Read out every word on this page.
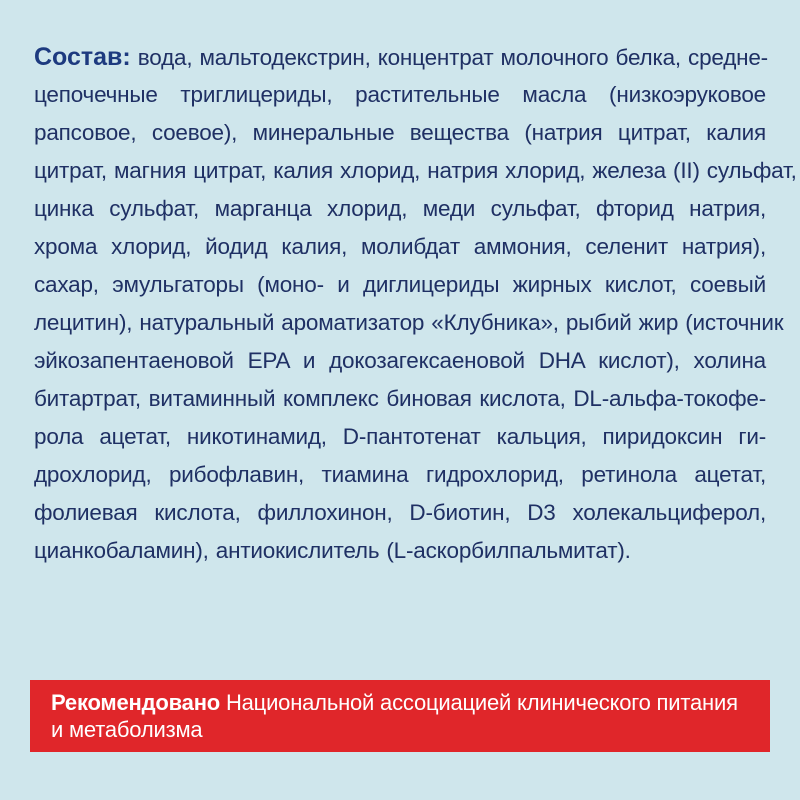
Состав: вода, мальтодекстрин, концентрат молочного белка, средне-
цепочечные триглицериды, растительные масла (низкоэруковое
рапсовое, соевое), минеральные вещества (натрия цитрат, калия
цитрат, магния цитрат, калия хлорид, натрия хлорид, железа (II) сульфат,
цинка сульфат, марганца хлорид, меди сульфат, фторид натрия,
хрома хлорид, йодид калия, молибдат аммония, селенит натрия),
сахар, эмульгаторы (моно- и диглицериды жирных кислот, соевый
лецитин), натуральный ароматизатор «Клубника», рыбий жир (источник
эйкозапентаеновой EPA и докозагексаеновой DHA кислот), холина
битартрат, витаминный комплекс биновая кислота, DL-альфа-токофе-
рола ацетат, никотинамид, D-пантотенат кальция, пиридоксин ги-
дрохлорид, рибофлавин, тиамина гидрохлорид, ретинола ацетат,
фолиевая кислота, филлохинон, D-биотин, D3 холекальциферол,
цианкобаламин), антиокислитель (L-аскорбилпальмитат).
Рекомендовано Национальной ассоциацией клинического питания
и метаболизма
